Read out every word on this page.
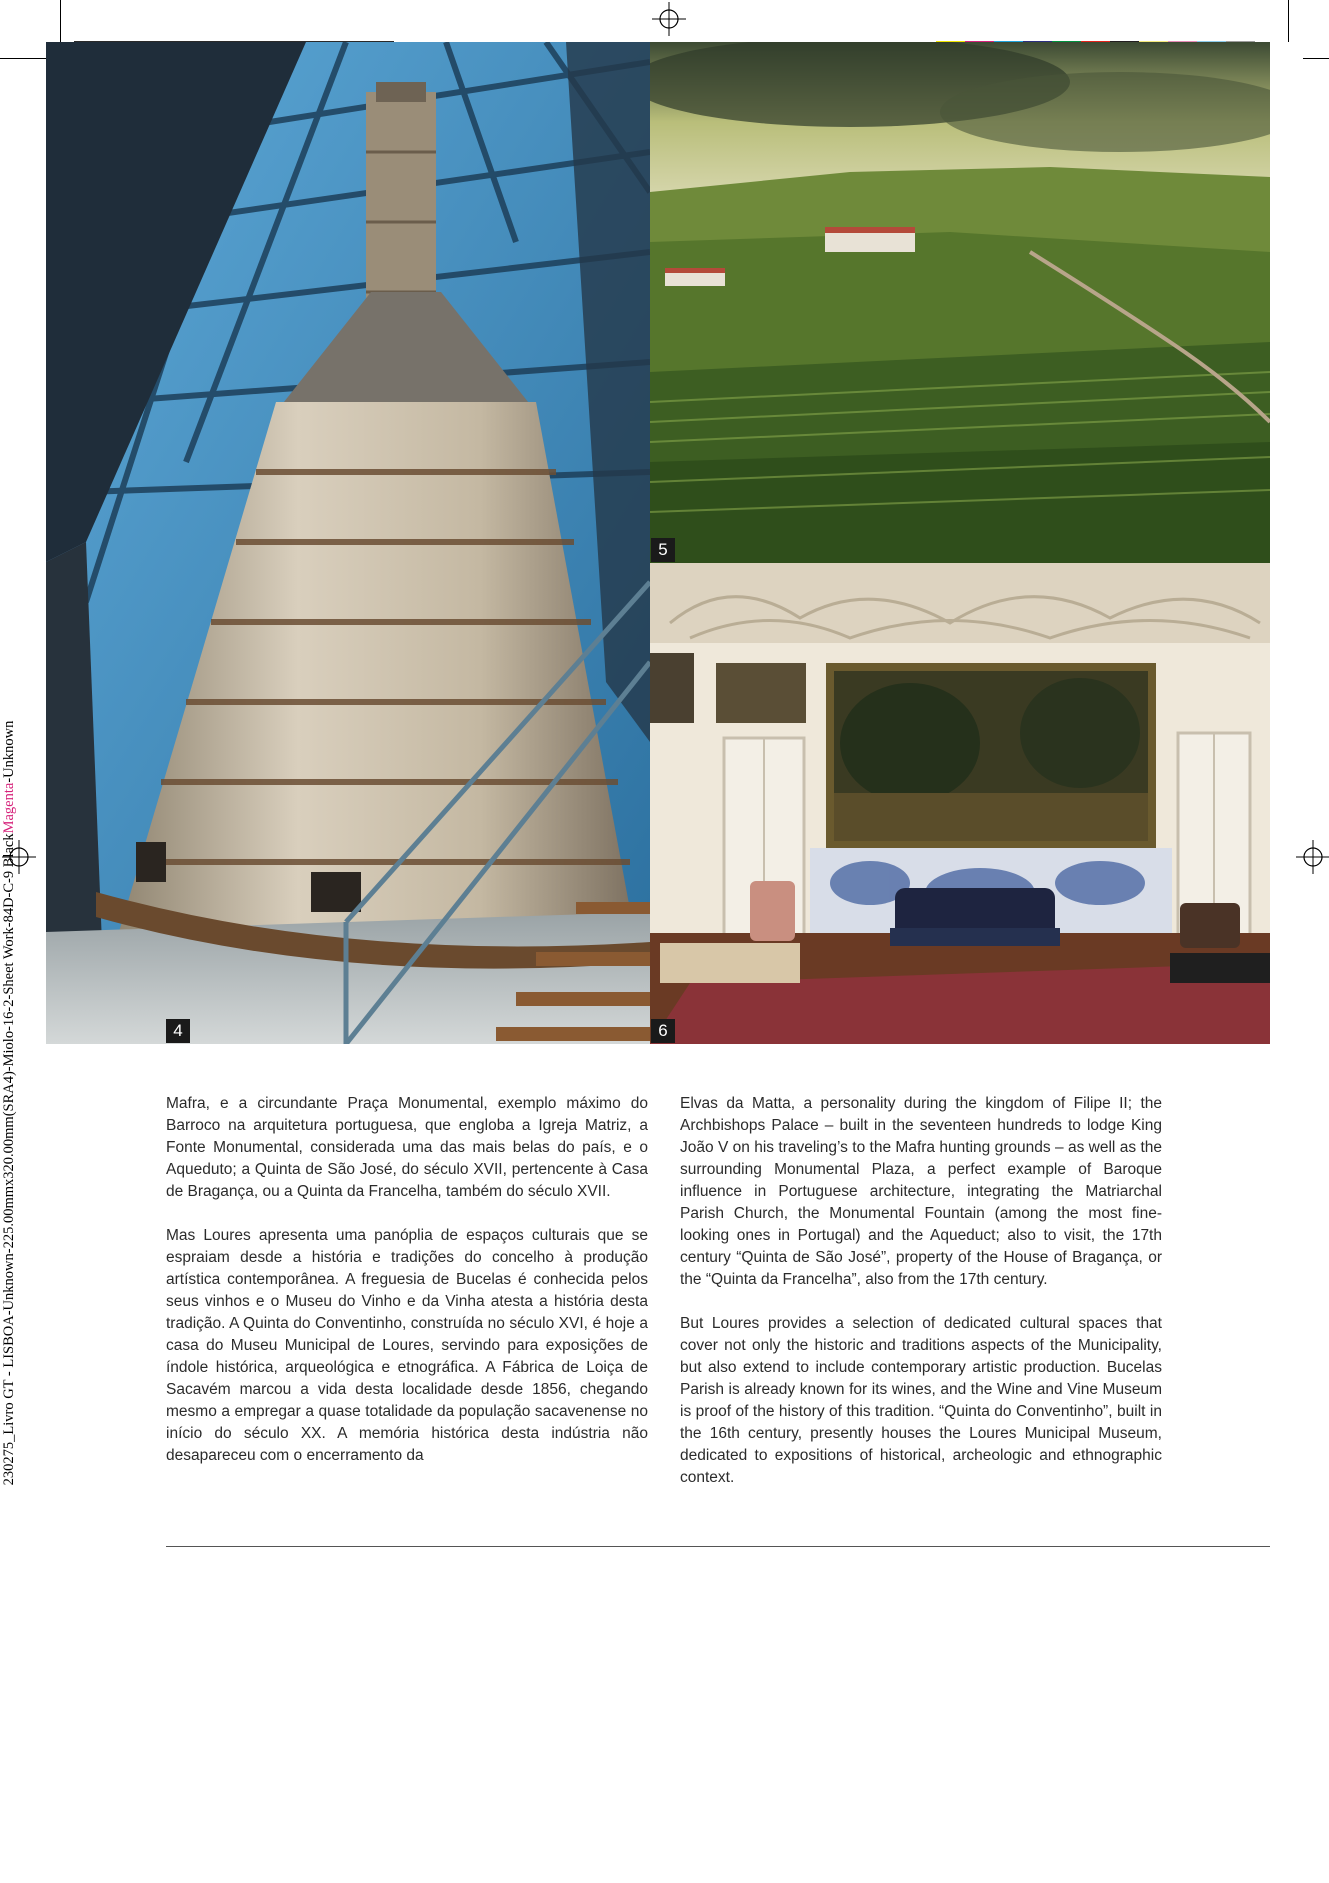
4
5
6
230275_Livro GT - LISBOA-Unknown-225.00mmx320.00mm(SRA4)-Miolo-16-2-Sheet Work-84D-C-9 BlackMagenta-Unknown

Mafra, e a circundante Praça Monumental, exemplo máximo do Barroco na arquitetura portuguesa, que engloba a Igreja Matriz, a Fonte Monumental, considerada uma das mais belas do país, e o Aqueduto; a Quinta de São José, do século XVII, pertencente à Casa de Bragança, ou a Quinta da Francelha, também do século XVII.

Mas Loures apresenta uma panóplia de espaços culturais que se espraiam desde a história e tradições do concelho à produção artística contemporânea. A freguesia de Bucelas é conhecida pelos seus vinhos e o Museu do Vinho e da Vinha atesta a história desta tradição. A Quinta do Conventinho, construída no século XVI, é hoje a casa do Museu Municipal de Loures, servindo para exposições de índole histórica, arqueológica e etnográfica. A Fábrica de Loiça de Sacavém marcou a vida desta localidade desde 1856, chegando mesmo a empregar a quase totalidade da população sacavenense no início do século XX. A memória histórica desta indústria não desapareceu com o encerramento da

Elvas da Matta, a personality during the kingdom of Filipe II; the Archbishops Palace – built in the seventeen hundreds to lodge King João V on his traveling’s to the Mafra hunting grounds – as well as the surrounding Monumental Plaza, a perfect example of Baroque influence in Portuguese architecture, integrating the Matriarchal Parish Church, the Monumental Fountain (among the most fine-looking ones in Portugal) and the Aqueduct; also to visit, the 17th century “Quinta de São José”, property of the House of Bragança, or the “Quinta da Francelha”, also from the 17th century.

But Loures provides a selection of dedicated cultural spaces that cover not only the historic and traditions aspects of the Municipality, but also extend to include contemporary artistic production. Bucelas Parish is already known for its wines, and the Wine and Vine Museum is proof of the history of this tradition. “Quinta do Conventinho”, built in the 16th century, presently houses the Loures Municipal Museum, dedicated to expositions of historical, archeologic and ethnographic context.
